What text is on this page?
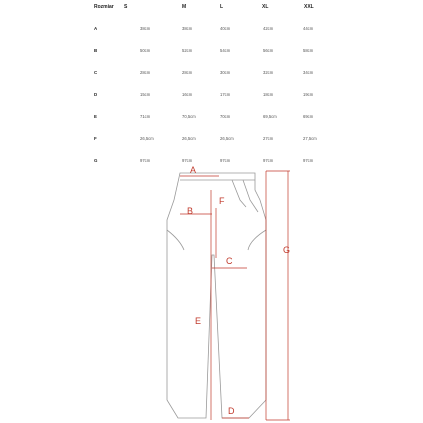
Rozmiar S	M	L	XL	XXL
A	38cm	38cm	40cm	42cm	44cm
B	50cm	52cm	54cm	56cm	58cm
C	28cm	28cm	30cm	32cm	34cm
D	15cm	16cm	17cm	18cm	19cm
E	71cm	70,5cm	70cm	69,5cm	69cm
F	26,5cm	26,5cm	26,5cm	27cm	27,5cm
G	97cm	97cm	97cm	97cm	97cm
A
B
C
D
E
F
G
